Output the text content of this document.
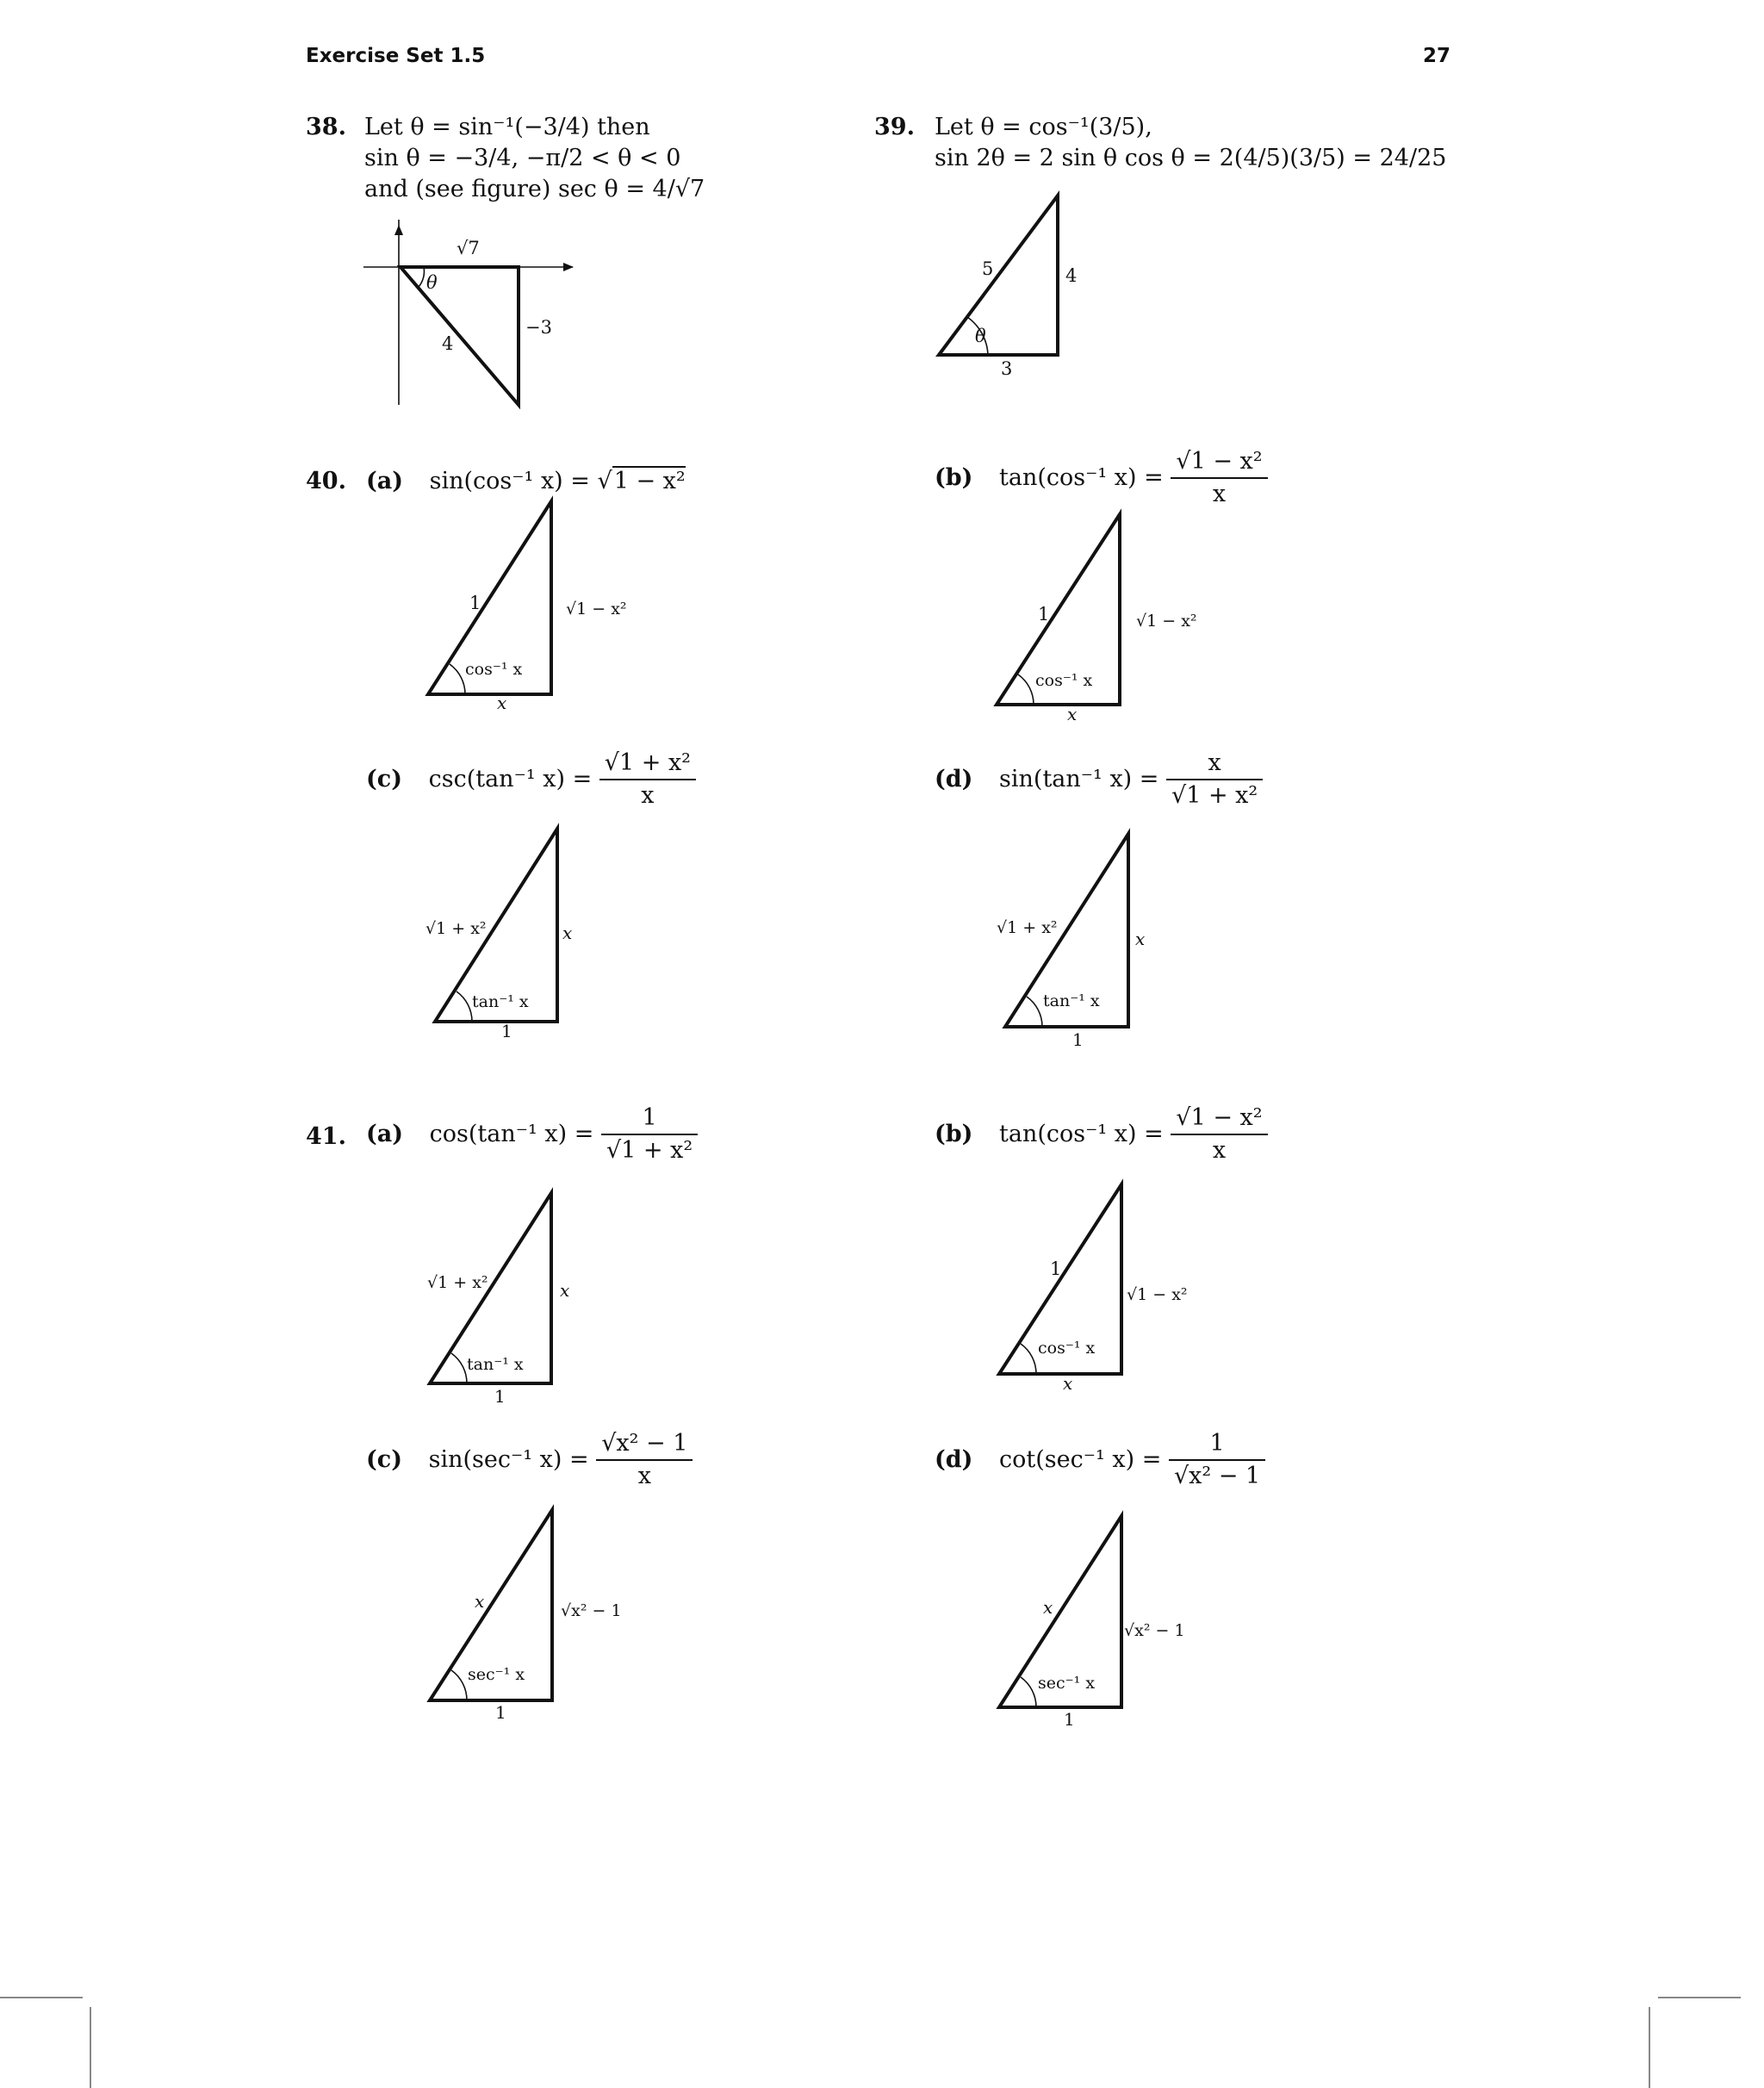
Exercise Set 1.5	27
38. Let θ = sin⁻¹(−3/4) then
sin θ = −3/4, −π/2 < θ < 0
and (see figure) sec θ = 4/√7
√7
θ
4
−3
39. Let θ = cos⁻¹(3/5),
sin 2θ = 2 sin θ cos θ = 2(4/5)(3/5) = 24/25
5	4
θ
3
40. (a) sin(cos⁻¹ x) = √1 − x²
1	√1 − x²
cos⁻¹ x
x
(b) tan(cos⁻¹ $x) = \frac{\text{√1 − x²}}{x}$
1	√1 − x²
cos⁻¹ x
x
(c) csc(tan⁻¹ $x) = \frac{\text{√1 + x²}}{x}$
√1 + x²	x
tan⁻¹ x
1
(d) sin(tan⁻¹ $x) = \frac{x}{\text{√1 + x²}}$
√1 + x²
x
tan⁻¹ x
1
41. (a) cos(tan⁻¹ $x) = \frac{1}{\text{√1 + x²}}$
√1 + x²	x
tan⁻¹ x
1
(b) tan(cos⁻¹ $x) = \frac{\text{√1 − x²}}{x}$
1
√1 − x²
cos⁻¹ x
x
(c) sin(sec⁻¹ $x) = \frac{\text{√x² − 1}}{x}$
x	√x² − 1
sec⁻¹ x
1
(d) cot(sec⁻¹ $x) = \frac{1}{\text{√x² − 1}}$
x
√x² − 1
sec⁻¹ x
1
